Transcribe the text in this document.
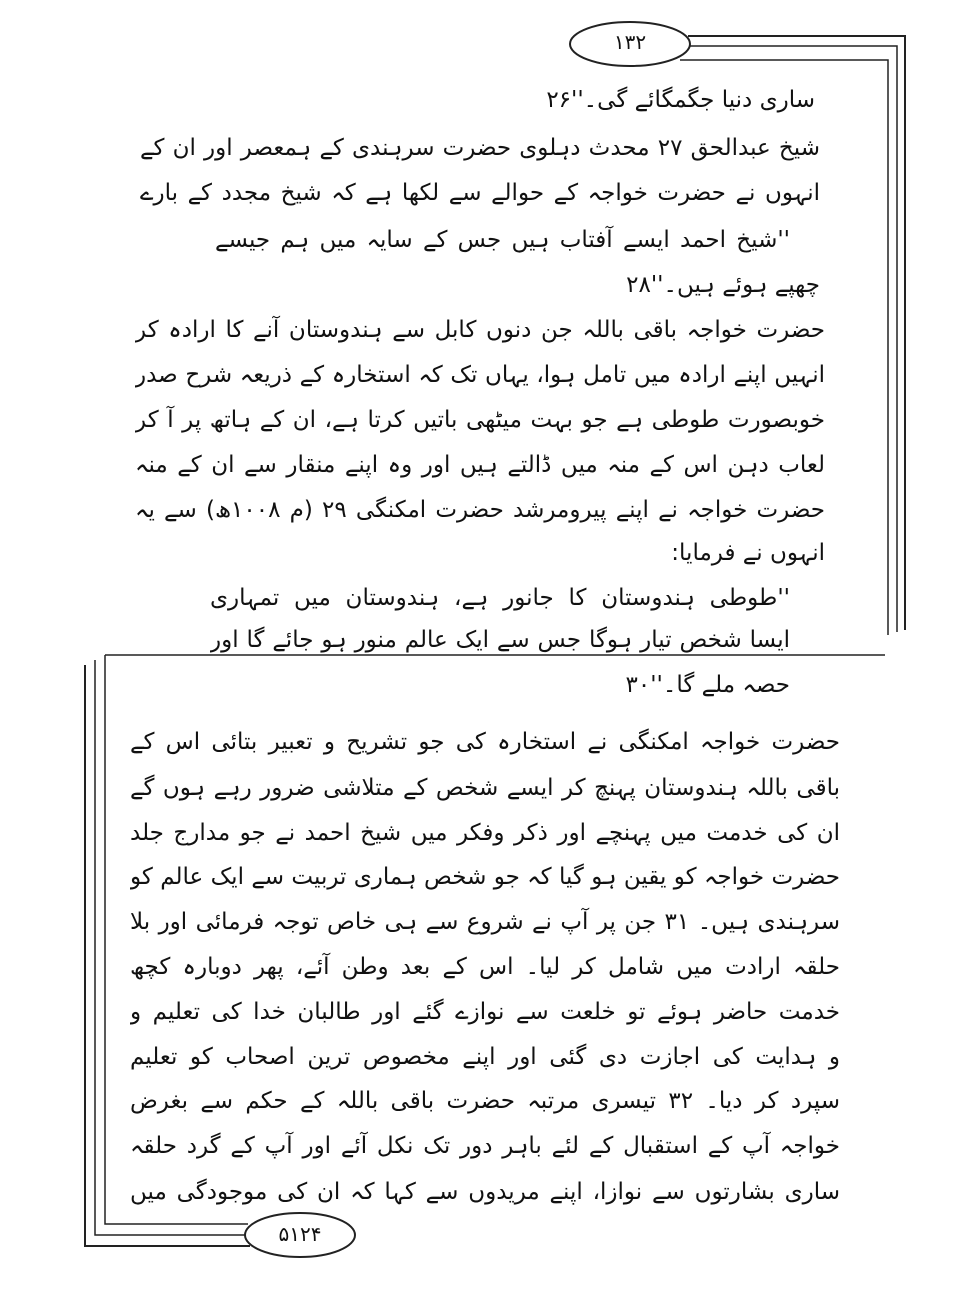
۱۳۲
۵۱۲۴
ساری دنیا جگمگائے گی۔''۲۶
شیخ عبدالحق ۲۷ محدث دہلوی حضرت سرہندی کے ہمعصر اور ان کے
انہوں نے حضرت خواجہ کے حوالے سے لکھا ہے کہ شیخ مجدد کے بارے
''شیخ احمد ایسے آفتاب ہیں جس کے سایہ میں ہم جیسے
چھپے ہوئے ہیں۔''۲۸
حضرت خواجہ باقی باللہ جن دنوں کابل سے ہندوستان آنے کا ارادہ کر
انہیں اپنے ارادہ میں تامل ہوا، یہاں تک کہ استخارہ کے ذریعہ شرح صدر
خوبصورت طوطی ہے جو بہت میٹھی باتیں کرتا ہے، ان کے ہاتھ پر آ کر
لعاب دہن اس کے منہ میں ڈالتے ہیں اور وہ اپنے منقار سے ان کے منہ
حضرت خواجہ نے اپنے پیرومرشد حضرت امکنگی ۲۹ (م ۱۰۰۸ھ) سے یہ
انہوں نے فرمایا:
''طوطی ہندوستان کا جانور ہے، ہندوستان میں تمہاری
ایسا شخص تیار ہوگا جس سے ایک عالم منور ہو جائے گا اور
حصہ ملے گا۔''۳۰
حضرت خواجہ امکنگی نے استخارہ کی جو تشریح و تعبیر بتائی اس کے
باقی باللہ ہندوستان پہنچ کر ایسے شخص کے متلاشی ضرور رہے ہوں گے
ان کی خدمت میں پہنچے اور ذکر وفکر میں شیخ احمد نے جو مدارج جلد
حضرت خواجہ کو یقین ہو گیا کہ جو شخص ہماری تربیت سے ایک عالم کو
سرہندی ہیں۔ ۳۱ جن پر آپ نے شروع سے ہی خاص توجہ فرمائی اور بلا
حلقہ ارادت میں شامل کر لیا۔ اس کے بعد وطن آئے، پھر دوبارہ کچھ
خدمت حاضر ہوئے تو خلعت سے نوازے گئے اور طالبان خدا کی تعلیم و
و ہدایت کی اجازت دی گئی اور اپنے مخصوص ترین اصحاب کو تعلیم
سپرد کر دیا۔ ۳۲ تیسری مرتبہ حضرت باقی باللہ کے حکم سے بغرض
خواجہ آپ کے استقبال کے لئے باہر دور تک نکل آئے اور آپ کے گرد حلقہ
ساری بشارتوں سے نوازا، اپنے مریدوں سے کہا کہ ان کی موجودگی میں
